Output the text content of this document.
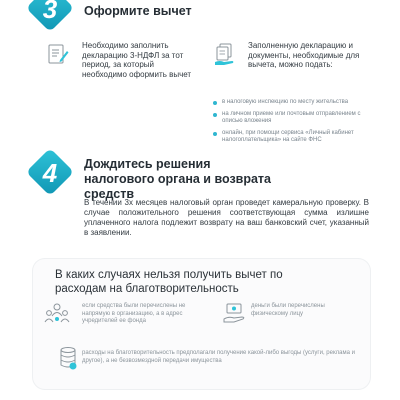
3	Оформите вычет
Необходимо заполнить декларацию 3-НДФЛ за тот период, за который необходимо оформить вычет
Заполненную декларацию и документы, необходимые для вычета, можно подать:
в налоговую инспекцию по месту жительства
на личном приеме или почтовым отправлением с описью вложения
онлайн, при помощи сервиса «Личный кабинет налогоплательщика» на сайте ФНС
4	Дождитесь решения налогового органа и возврата средств
В течении 3х месяцев налоговый орган проведет камеральную проверку. В случае положительного решения соответствующая сумма излишне уплаченного налога подлежит возврату на ваш банковский счет, указанный в заявлении.
В каких случаях нельзя получить вычет по расходам на благотворительность
если средства были перечислены не напрямую в организацию, а в адрес учредителей ее фонда
деньги были перечислены физическому лицу
расходы на благотворительность предполагали получение какой-либо выгоды (услуги, реклама и другое), а не безвозмездной передачи имущества
